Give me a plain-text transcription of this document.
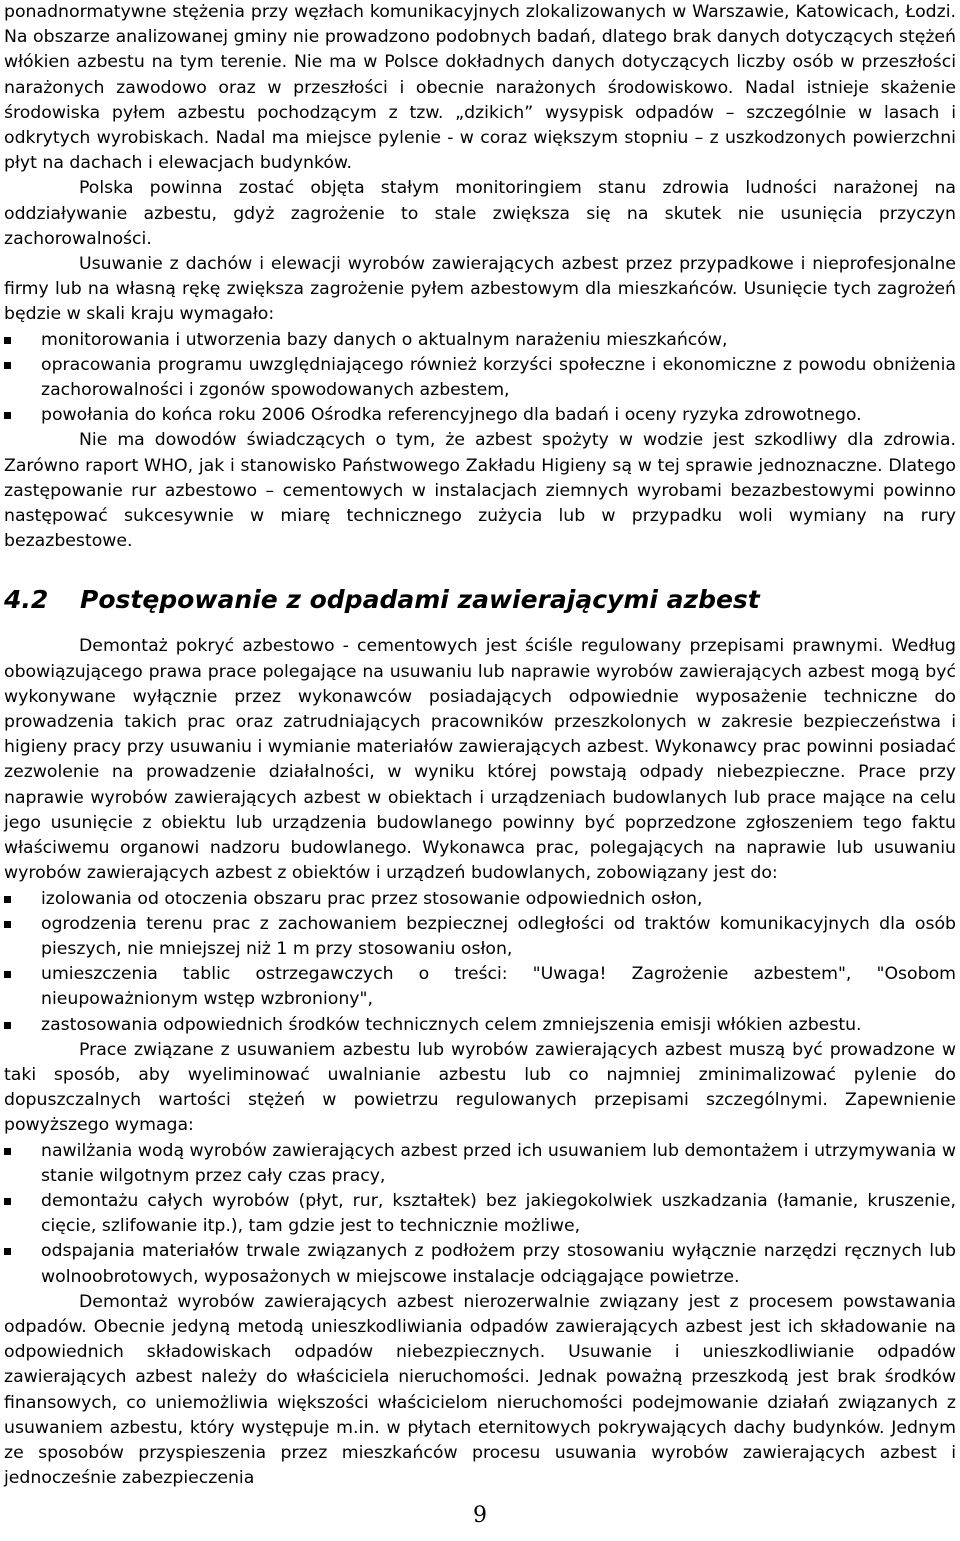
ponadnormatywne stężenia przy węzłach komunikacyjnych zlokalizowanych w Warszawie, Katowicach, Łodzi. Na obszarze analizowanej gminy nie prowadzono podobnych badań, dlatego brak danych dotyczących stężeń włókien azbestu na tym terenie. Nie ma w Polsce dokładnych danych dotyczących liczby osób w przeszłości narażonych zawodowo oraz w przeszłości i obecnie narażonych środowiskowo. Nadal istnieje skażenie środowiska pyłem azbestu pochodzącym z tzw. „dzikich” wysypisk odpadów – szczególnie w lasach i odkrytych wyrobiskach. Nadal ma miejsce pylenie - w coraz większym stopniu – z uszkodzonych powierzchni płyt na dachach i elewacjach budynków.

Polska powinna zostać objęta stałym monitoringiem stanu zdrowia ludności narażonej na oddziaływanie azbestu, gdyż zagrożenie to stale zwiększa się na skutek nie usunięcia przyczyn zachorowalności.

Usuwanie z dachów i elewacji wyrobów zawierających azbest przez przypadkowe i nieprofesjonalne firmy lub na własną rękę zwiększa zagrożenie pyłem azbestowym dla mieszkańców. Usunięcie tych zagrożeń będzie w skali kraju wymagało:

monitorowania i utworzenia bazy danych o aktualnym narażeniu mieszkańców,
opracowania programu uwzględniającego również korzyści społeczne i ekonomiczne z powodu obniżenia zachorowalności i zgonów spowodowanych azbestem,
powołania do końca roku 2006 Ośrodka referencyjnego dla badań i oceny ryzyka zdrowotnego.

Nie ma dowodów świadczących o tym, że azbest spożyty w wodzie jest szkodliwy dla zdrowia. Zarówno raport WHO, jak i stanowisko Państwowego Zakładu Higieny są w tej sprawie jednoznaczne. Dlatego zastępowanie rur azbestowo – cementowych w instalacjach ziemnych wyrobami bezazbestowymi powinno następować sukcesywnie w miarę technicznego zużycia lub w przypadku woli wymiany na rury bezazbestowe.

4.2 Postępowanie z odpadami zawierającymi azbest

Demontaż pokryć azbestowo - cementowych jest ściśle regulowany przepisami prawnymi. Według obowiązującego prawa prace polegające na usuwaniu lub naprawie wyrobów zawierających azbest mogą być wykonywane wyłącznie przez wykonawców posiadających odpowiednie wyposażenie techniczne do prowadzenia takich prac oraz zatrudniających pracowników przeszkolonych w zakresie bezpieczeństwa i higieny pracy przy usuwaniu i wymianie materiałów zawierających azbest. Wykonawcy prac powinni posiadać zezwolenie na prowadzenie działalności, w wyniku której powstają odpady niebezpieczne. Prace przy naprawie wyrobów zawierających azbest w obiektach i urządzeniach budowlanych lub prace mające na celu jego usunięcie z obiektu lub urządzenia budowlanego powinny być poprzedzone zgłoszeniem tego faktu właściwemu organowi nadzoru budowlanego. Wykonawca prac, polegających na naprawie lub usuwaniu wyrobów zawierających azbest z obiektów i urządzeń budowlanych, zobowiązany jest do:

izolowania od otoczenia obszaru prac przez stosowanie odpowiednich osłon,
ogrodzenia terenu prac z zachowaniem bezpiecznej odległości od traktów komunikacyjnych dla osób pieszych, nie mniejszej niż 1 m przy stosowaniu osłon,
umieszczenia tablic ostrzegawczych o treści: "Uwaga! Zagrożenie azbestem", "Osobom nieupoważnionym wstęp wzbroniony",
zastosowania odpowiednich środków technicznych celem zmniejszenia emisji włókien azbestu.

Prace związane z usuwaniem azbestu lub wyrobów zawierających azbest muszą być prowadzone w taki sposób, aby wyeliminować uwalnianie azbestu lub co najmniej zminimalizować pylenie do dopuszczalnych wartości stężeń w powietrzu regulowanych przepisami szczególnymi. Zapewnienie powyższego wymaga:

nawilżania wodą wyrobów zawierających azbest przed ich usuwaniem lub demontażem i utrzymywania w stanie wilgotnym przez cały czas pracy,
demontażu całych wyrobów (płyt, rur, kształtek) bez jakiegokolwiek uszkadzania (łamanie, kruszenie, cięcie, szlifowanie itp.), tam gdzie jest to technicznie możliwe,
odspajania materiałów trwale związanych z podłożem przy stosowaniu wyłącznie narzędzi ręcznych lub wolnoobrotowych, wyposażonych w miejscowe instalacje odciągające powietrze.

Demontaż wyrobów zawierających azbest nierozerwalnie związany jest z procesem powstawania odpadów. Obecnie jedyną metodą unieszkodliwiania odpadów zawierających azbest jest ich składowanie na odpowiednich składowiskach odpadów niebezpiecznych. Usuwanie i unieszkodliwianie odpadów zawierających azbest należy do właściciela nieruchomości. Jednak poważną przeszkodą jest brak środków finansowych, co uniemożliwia większości właścicielom nieruchomości podejmowanie działań związanych z usuwaniem azbestu, który występuje m.in. w płytach eternitowych pokrywających dachy budynków. Jednym ze sposobów przyspieszenia przez mieszkańców procesu usuwania wyrobów zawierających azbest i jednocześnie zabezpieczenia

9
